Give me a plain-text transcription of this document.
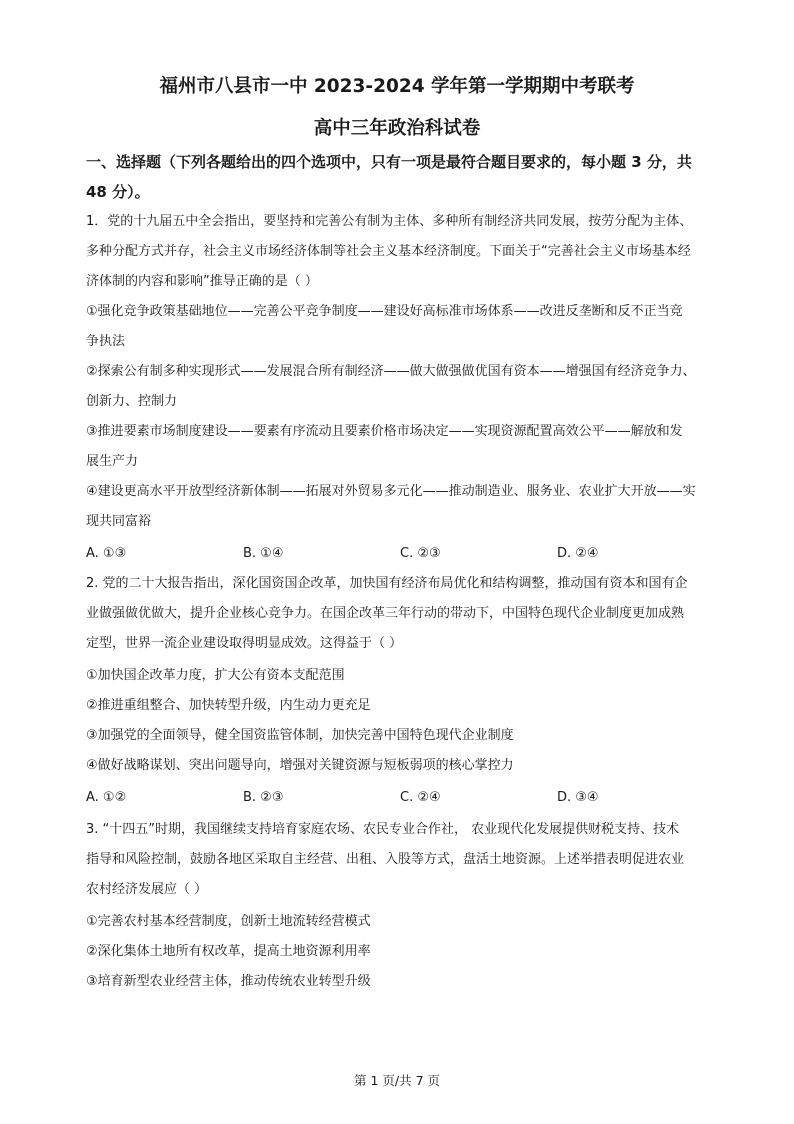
福州市八县市一中 2023-2024 学年第一学期期中考联考
高中三年政治科试卷
一、选择题（下列各题给出的四个选项中，只有一项是最符合题目要求的，每小题 3 分，共
48 分）。
1．党的十九届五中全会指出，要坚持和完善公有制为主体、多种所有制经济共同发展，按劳分配为主体、
多种分配方式并存，社会主义市场经济体制等社会主义基本经济制度。下面关于“完善社会主义市场基本经
济体制的内容和影响”推导正确的是（ ）
①强化竞争政策基础地位——完善公平竞争制度——建设好高标准市场体系——改进反垄断和反不正当竞
争执法
②探索公有制多种实现形式——发展混合所有制经济——做大做强做优国有资本——增强国有经济竞争力、
创新力、控制力
③推进要素市场制度建设——要素有序流动且要素价格市场决定——实现资源配置高效公平——解放和发
展生产力
④建设更高水平开放型经济新体制——拓展对外贸易多元化——推动制造业、服务业、农业扩大开放——实
现共同富裕
A. ①③	B. ①④	C. ②③	D. ②④
2. 党的二十大报告指出，深化国资国企改革，加快国有经济布局优化和结构调整，推动国有资本和国有企
业做强做优做大，提升企业核心竞争力。在国企改革三年行动的带动下，中国特色现代企业制度更加成熟
定型，世界一流企业建设取得明显成效。这得益于（ ）
①加快国企改革力度，扩大公有资本支配范围
②推进重组整合、加快转型升级，内生动力更充足
③加强党的全面领导，健全国资监管体制，加快完善中国特色现代企业制度
④做好战略谋划、突出问题导向，增强对关键资源与短板弱项的核心掌控力
A. ①②	B. ②③	C. ②④	D. ③④
3. “十四五”时期，我国继续支持培育家庭农场、农民专业合作社， 农业现代化发展提供财税支持、技术
指导和风险控制，鼓励各地区采取自主经营、出租、入股等方式，盘活土地资源。上述举措表明促进农业
农村经济发展应（ ）
①完善农村基本经营制度，创新土地流转经营模式
②深化集体土地所有权改革，提高土地资源利用率
③培育新型农业经营主体，推动传统农业转型升级
第 1 页/共 7 页
